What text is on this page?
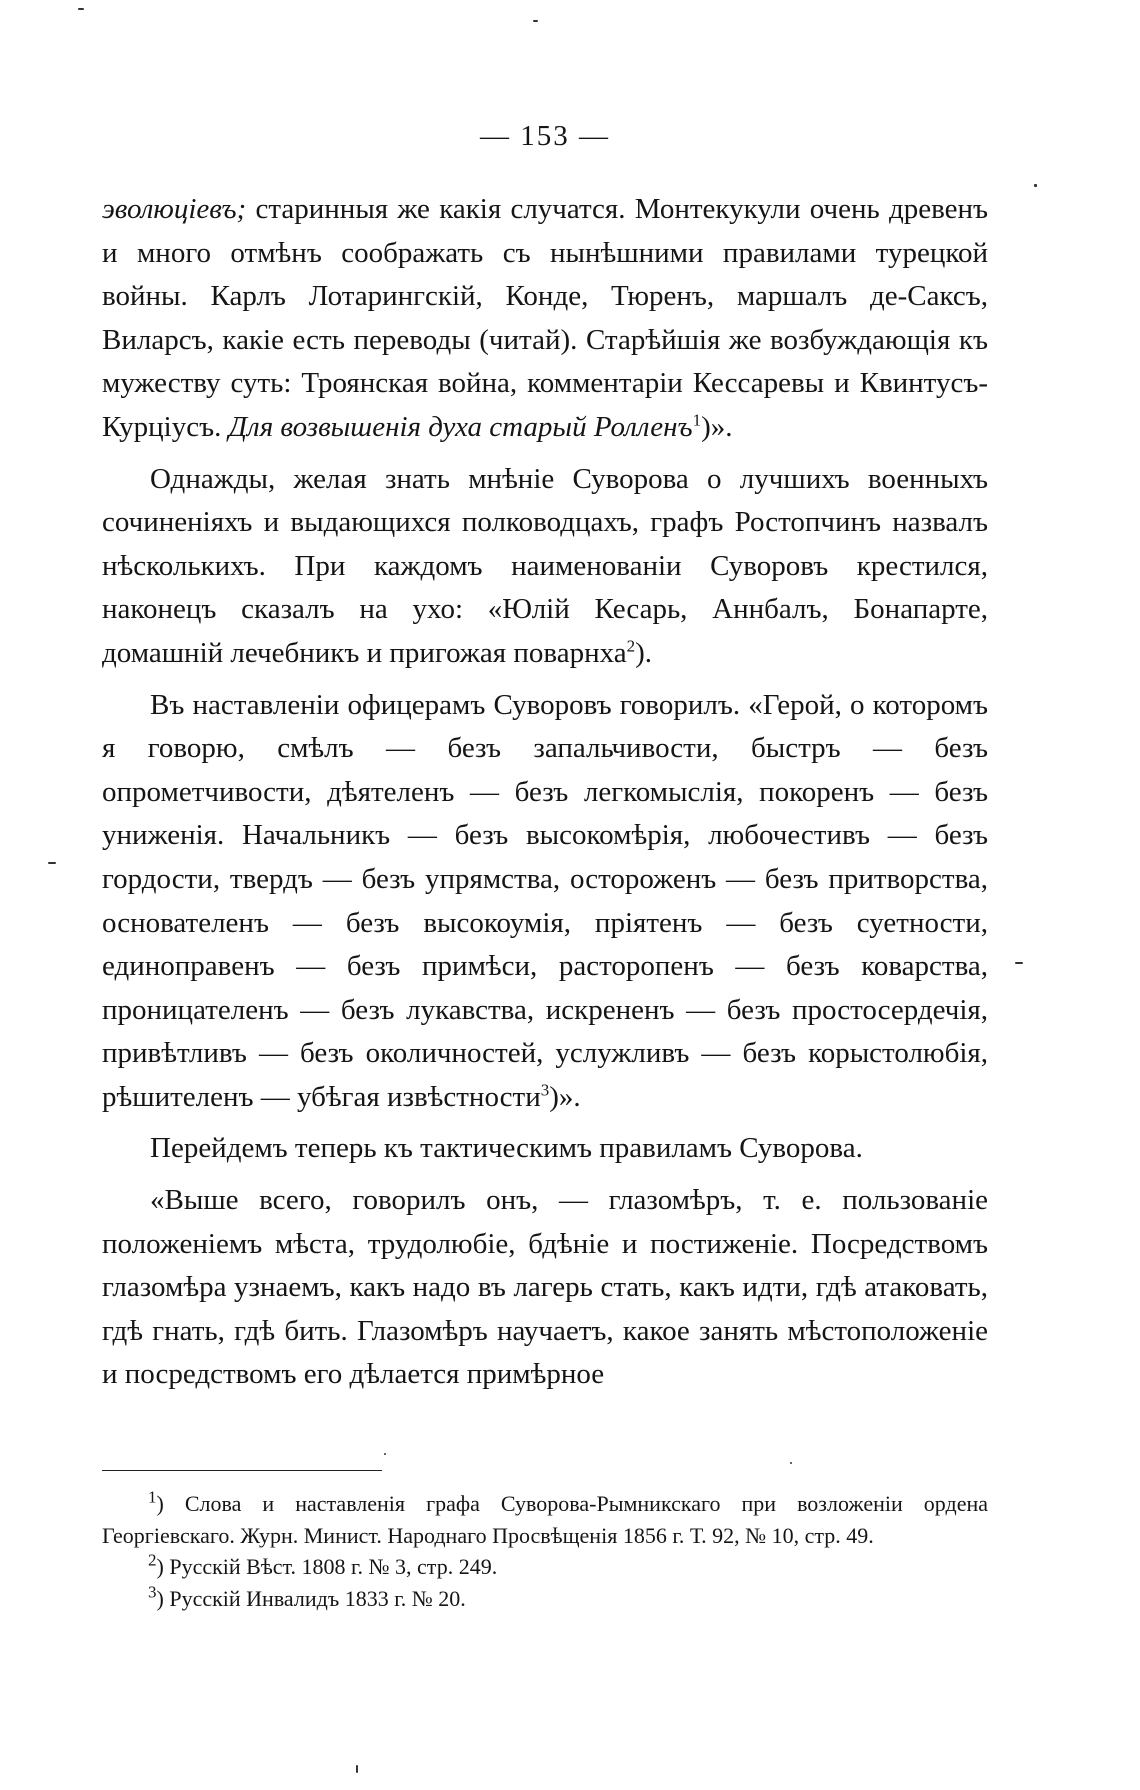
— 153 —

эволюціевъ; старинныя же какія случатся. Монтекукули очень древенъ и много отмѣнъ соображать съ нынѣшними правилами турецкой войны. Карлъ Лотарингскій, Конде, Тюренъ, маршалъ де-Саксъ, Виларсъ, какіе есть переводы (читай). Старѣйшія же возбуждающія къ мужеству суть: Троянская война, комментаріи Кессаревы и Квинтусъ-Курціусъ. Для возвышенія духа старый Ролленъ$^1$)».

Однажды, желая знать мнѣніе Суворова о лучшихъ военныхъ сочиненіяхъ и выдающихся полководцахъ, графъ Ростопчинъ назвалъ нѣсколькихъ. При каждомъ наименованіи Суворовъ крестился, наконецъ сказалъ на ухо: «Юлій Кесарь, Аннбалъ, Бонапарте, домашній лечебникъ и пригожая поварнха$^2$).

Въ наставленіи офицерамъ Суворовъ говорилъ. «Герой, о которомъ я говорю, смѣлъ — безъ запальчивости, быстръ — безъ опрометчивости, дѣятеленъ — безъ легкомыслія, покоренъ — безъ униженія. Начальникъ — безъ высокомѣрія, любочестивъ — безъ гордости, твердъ — безъ упрямства, остороженъ — безъ притворства, основателенъ — безъ высокоумія, пріятенъ — безъ суетности, единоправенъ — безъ примѣси, расторопенъ — безъ коварства, проницателенъ — безъ лукавства, искрененъ — безъ простосердечія, привѣтливъ — безъ околичностей, услужливъ — безъ корыстолюбія, рѣшителенъ — убѣгая извѣстности$^3$)».

Перейдемъ теперь къ тактическимъ правиламъ Суворова.

«Выше всего, говорилъ онъ, — глазомѣръ, т. е. пользованіе положеніемъ мѣста, трудолюбіе, бдѣніе и постиженіе. Посредствомъ глазомѣра узнаемъ, какъ надо въ лагерь стать, какъ идти, гдѣ атаковать, гдѣ гнать, гдѣ бить. Глазомѣръ научаетъ, какое занять мѣстоположеніе и посредствомъ его дѣлается примѣрное

$^1$) Слова и наставленія графа Суворова-Рымникскаго при возложеніи ордена Георгіевскаго. Журн. Минист. Народнаго Просвѣщенія 1856 г. Т. 92, № 10, стр. 49.

$^2$) Русскій Вѣст. 1808 г. № 3, стр. 249.

$^3$) Русскій Инвалидъ 1833 г. № 20.
